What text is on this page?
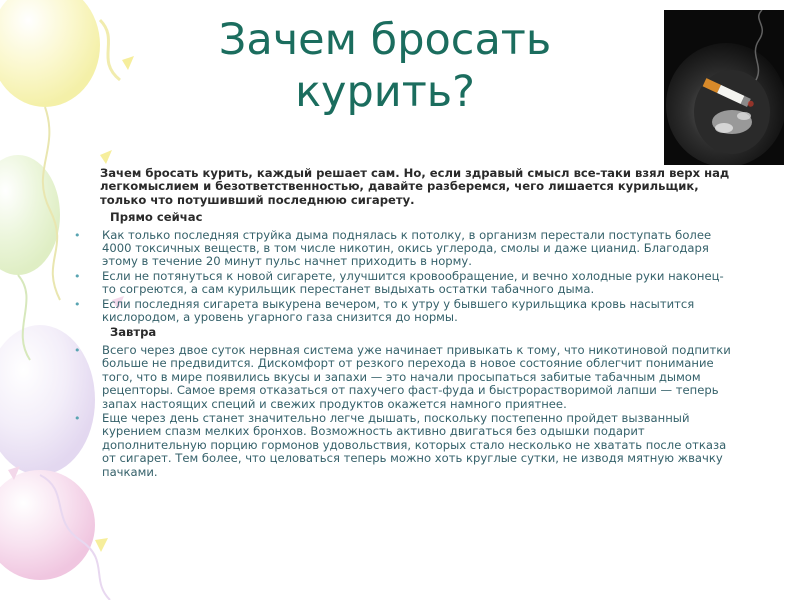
Зачем бросать
курить?

Зачем бросать курить, каждый решает сам. Но, если здравый смысл все-таки взял верх над легкомыслием и безответственностью, давайте разберемся, чего лишается курильщик, только что потушивший последнюю сигарету.

Прямо сейчас
• Как только последняя струйка дыма поднялась к потолку, в организм перестали поступать более 4000 токсичных веществ, в том числе никотин, окись углерода, смолы и даже цианид. Благодаря этому в течение 20 минут пульс начнет приходить в норму.
• Если не потянуться к новой сигарете, улучшится кровообращение, и вечно холодные руки наконец-то согреются, а сам курильщик перестанет выдыхать остатки табачного дыма.
• Если последняя сигарета выкурена вечером, то к утру у бывшего курильщика кровь насытится кислородом, а уровень угарного газа снизится до нормы.
Завтра
• Всего через двое суток нервная система уже начинает привыкать к тому, что никотиновой подпитки больше не предвидится. Дискомфорт от резкого перехода в новое состояние облегчит понимание того, что в мире появились вкусы и запахи — это начали просыпаться забитые табачным дымом рецепторы. Самое время отказаться от пахучего фаст-фуда и быстрорастворимой лапши — теперь запах настоящих специй и свежих продуктов окажется намного приятнее.
• Еще через день станет значительно легче дышать, поскольку постепенно пройдет вызванный курением спазм мелких бронхов. Возможность активно двигаться без одышки подарит дополнительную порцию гормонов удовольствия, которых стало несколько не хватать после отказа от сигарет. Тем более, что целоваться теперь можно хоть круглые сутки, не изводя мятную жвачку пачками.
